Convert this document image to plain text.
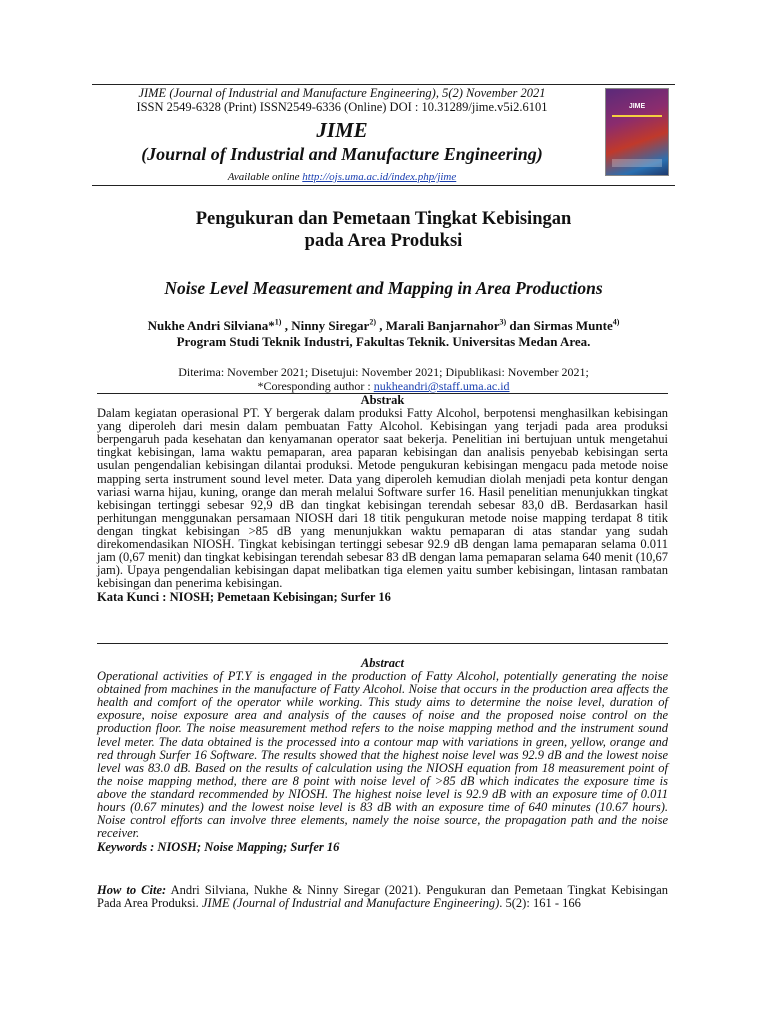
JIME (Journal of Industrial and Manufacture Engineering), 5(2) November 2021
ISSN 2549-6328 (Print) ISSN2549-6336 (Online) DOI : 10.31289/jime.v5i2.6101
JIME
(Journal of Industrial and Manufacture Engineering)
Available online http://ojs.uma.ac.id/index.php/jime
JIME
Pengukuran dan Pemetaan Tingkat Kebisingan
pada Area Produksi
Noise Level Measurement and Mapping in Area Productions
Nukhe Andri Silviana*$^{1)}$ , Ninny Siregar$^{2)}$ , Marali Banjarnahor$^{3)}$ dan Sirmas Munte$^{4)}$
Program Studi Teknik Industri, Fakultas Teknik. Universitas Medan Area.
Diterima: November 2021; Disetujui: November 2021; Dipublikasi: November 2021;
*Coresponding author : nukheandri@staff.uma.ac.id
Abstrak

Dalam kegiatan operasional PT. Y bergerak dalam produksi Fatty Alcohol, berpotensi menghasilkan kebisingan yang diperoleh dari mesin dalam pembuatan Fatty Alcohol. Kebisingan yang terjadi pada area produksi berpengaruh pada kesehatan dan kenyamanan operator saat bekerja. Penelitian ini bertujuan untuk mengetahui tingkat kebisingan, lama waktu pemaparan, area paparan kebisingan dan analisis penyebab kebisingan serta usulan pengendalian kebisingan dilantai produksi. Metode pengukuran kebisingan mengacu pada metode noise mapping serta instrument sound level meter. Data yang diperoleh kemudian diolah menjadi peta kontur dengan variasi warna hijau, kuning, orange dan merah melalui Software surfer 16. Hasil penelitian menunjukkan tingkat kebisingan tertinggi sebesar 92,9 dB dan tingkat kebisingan terendah sebesar 83,0 dB. Berdasarkan hasil perhitungan menggunakan persamaan NIOSH dari 18 titik pengukuran metode noise mapping terdapat 8 titik dengan tingkat kebisingan >85 dB yang menunjukkan waktu pemaparan di atas standar yang sudah direkomendasikan NIOSH. Tingkat kebisingan tertinggi sebesar 92.9 dB dengan lama pemaparan selama 0.011 jam (0,67 menit) dan tingkat kebisingan terendah sebesar 83 dB dengan lama pemaparan selama 640 menit (10,67 jam). Upaya pengendalian kebisingan dapat melibatkan tiga elemen yaitu sumber kebisingan, lintasan rambatan kebisingan dan penerima kebisingan.

Kata Kunci : NIOSH; Pemetaan Kebisingan; Surfer 16
Abstract

Operational activities of PT.Y is engaged in the production of Fatty Alcohol, potentially generating the noise obtained from machines in the manufacture of Fatty Alcohol. Noise that occurs in the production area affects the health and comfort of the operator while working. This study aims to determine the noise level, duration of exposure, noise exposure area and analysis of the causes of noise and the proposed noise control on the production floor. The noise measurement method refers to the noise mapping method and the instrument sound level meter. The data obtained is the processed into a contour map with variations in green, yellow, orange and red through Surfer 16 Software. The results showed that the highest noise level was 92.9 dB and the lowest noise level was 83.0 dB. Based on the results of calculation using the NIOSH equation from 18 measurement point of the noise mapping method, there are 8 point with noise level of >85 dB which indicates the exposure time is above the standard recommended by NIOSH. The highest noise level is 92.9 dB with an exposure time of 0.011 hours (0.67 minutes) and the lowest noise level is 83 dB with an exposure time of 640 minutes (10.67 hours). Noise control efforts can involve three elements, namely the noise source, the propagation path and the noise receiver.

Keywords : NIOSH; Noise Mapping; Surfer 16
How to Cite: Andri Silviana, Nukhe & Ninny Siregar (2021). Pengukuran dan Pemetaan Tingkat Kebisingan Pada Area Produksi. JIME (Journal of Industrial and Manufacture Engineering). 5(2): 161 - 166
